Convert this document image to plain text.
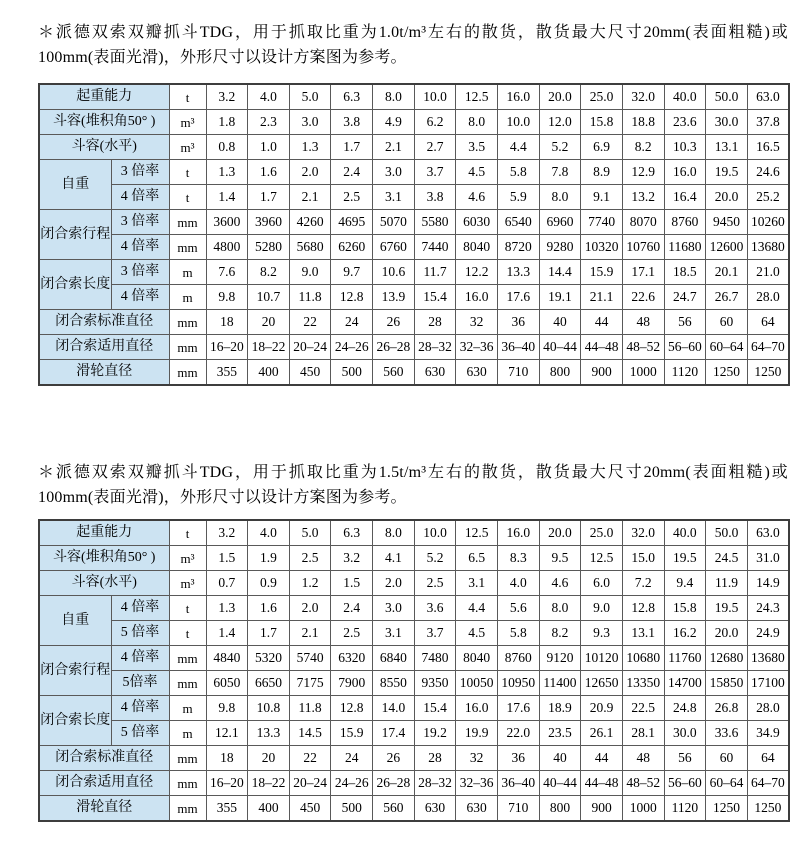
＊派德双索双瓣抓斗TDG，用于抓取比重为1.0t/m³左右的散货，散货最大尺寸20mm(表面粗糙)或100mm(表面光滑)，外形尺寸以设计方案图为参考。

起重能力		t	3.2	4.0	5.0	6.3	8.0	10.0	12.5	16.0	20.0	25.0	32.0	40.0	50.0	63.0
斗容(堆积角50° )		m³	1.8	2.3	3.0	3.8	4.9	6.2	8.0	10.0	12.0	15.8	18.8	23.6	30.0	37.8
斗容(水平)		m³	0.8	1.0	1.3	1.7	2.1	2.7	3.5	4.4	5.2	6.9	8.2	10.3	13.1	16.5
自重	3 倍率	t	1.3	1.6	2.0	2.4	3.0	3.7	4.5	5.8	7.8	8.9	12.9	16.0	19.5	24.6
	4 倍率	t	1.4	1.7	2.1	2.5	3.1	3.8	4.6	5.9	8.0	9.1	13.2	16.4	20.0	25.2
闭合索行程	3 倍率	mm	3600	3960	4260	4695	5070	5580	6030	6540	6960	7740	8070	8760	9450	10260
	4 倍率	mm	4800	5280	5680	6260	6760	7440	8040	8720	9280	10320	10760	11680	12600	13680
闭合索长度	3 倍率	m	7.6	8.2	9.0	9.7	10.6	11.7	12.2	13.3	14.4	15.9	17.1	18.5	20.1	21.0
	4 倍率	m	9.8	10.7	11.8	12.8	13.9	15.4	16.0	17.6	19.1	21.1	22.6	24.7	26.7	28.0
闭合索标准直径		mm	18	20	22	24	26	28	32	36	40	44	48	56	60	64
闭合索适用直径		mm	16–20	18–22	20–24	24–26	26–28	28–32	32–36	36–40	40–44	44–48	48–52	56–60	60–64	64–70
滑轮直径		mm	355	400	450	500	560	630	630	710	800	900	1000	1120	1250	1250

＊派德双索双瓣抓斗TDG，用于抓取比重为1.5t/m³左右的散货，散货最大尺寸20mm(表面粗糙)或100mm(表面光滑)，外形尺寸以设计方案图为参考。

起重能力		t	3.2	4.0	5.0	6.3	8.0	10.0	12.5	16.0	20.0	25.0	32.0	40.0	50.0	63.0
斗容(堆积角50° )		m³	1.5	1.9	2.5	3.2	4.1	5.2	6.5	8.3	9.5	12.5	15.0	19.5	24.5	31.0
斗容(水平)		m³	0.7	0.9	1.2	1.5	2.0	2.5	3.1	4.0	4.6	6.0	7.2	9.4	11.9	14.9
自重	4 倍率	t	1.3	1.6	2.0	2.4	3.0	3.6	4.4	5.6	8.0	9.0	12.8	15.8	19.5	24.3
	5 倍率	t	1.4	1.7	2.1	2.5	3.1	3.7	4.5	5.8	8.2	9.3	13.1	16.2	20.0	24.9
闭合索行程	4 倍率	mm	4840	5320	5740	6320	6840	7480	8040	8760	9120	10120	10680	11760	12680	13680
	5倍率	mm	6050	6650	7175	7900	8550	9350	10050	10950	11400	12650	13350	14700	15850	17100
闭合索长度	4 倍率	m	9.8	10.8	11.8	12.8	14.0	15.4	16.0	17.6	18.9	20.9	22.5	24.8	26.8	28.0
	5 倍率	m	12.1	13.3	14.5	15.9	17.4	19.2	19.9	22.0	23.5	26.1	28.1	30.0	33.6	34.9
闭合索标准直径		mm	18	20	22	24	26	28	32	36	40	44	48	56	60	64
闭合索适用直径		mm	16–20	18–22	20–24	24–26	26–28	28–32	32–36	36–40	40–44	44–48	48–52	56–60	60–64	64–70
滑轮直径		mm	355	400	450	500	560	630	630	710	800	900	1000	1120	1250	1250
